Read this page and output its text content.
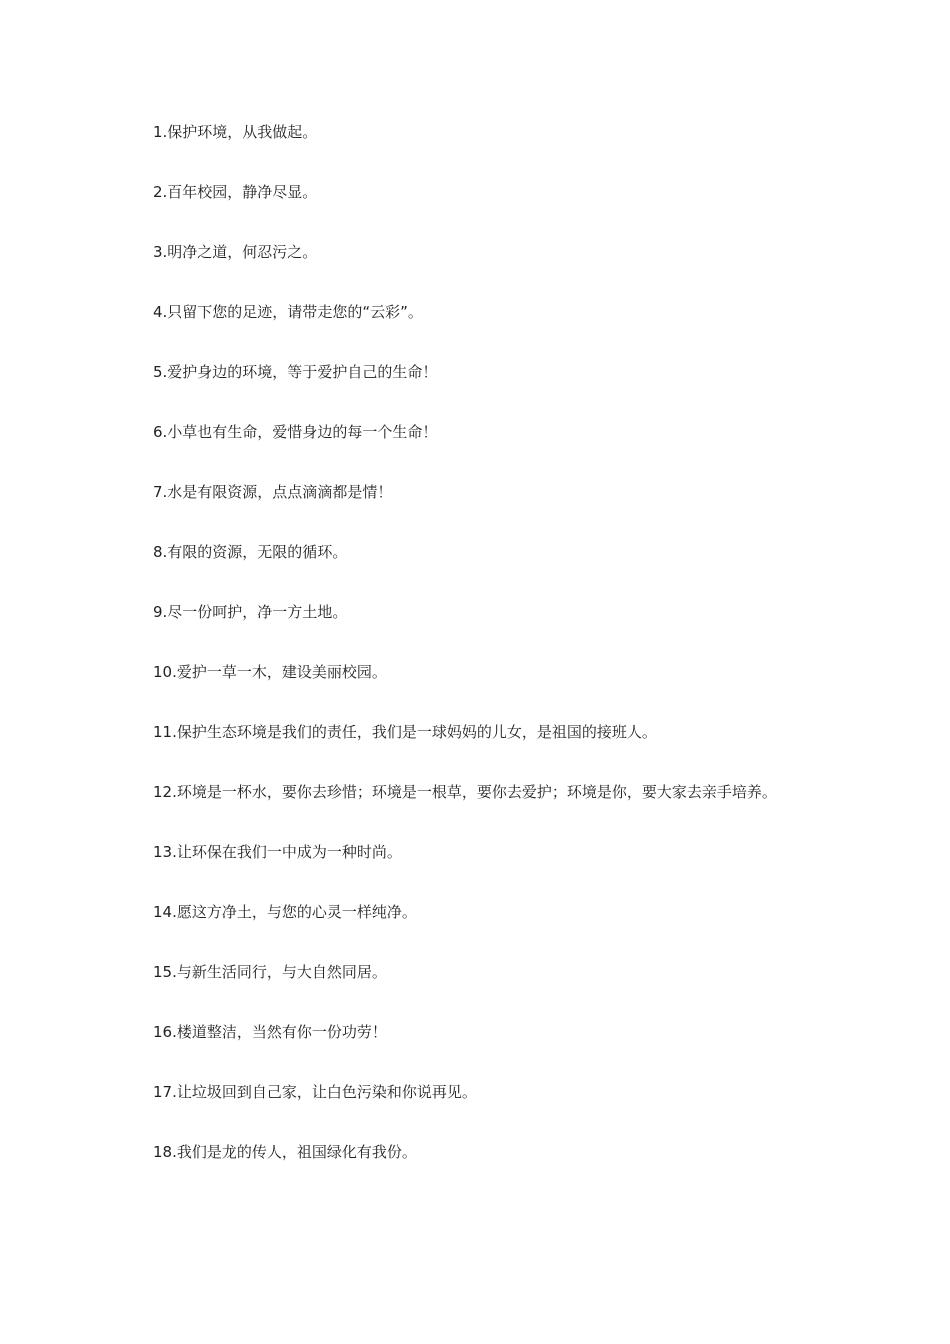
1.保护环境，从我做起。
2.百年校园，静净尽显。
3.明净之道，何忍污之。
4.只留下您的足迹，请带走您的“云彩”。
5.爱护身边的环境，等于爱护自己的生命！
6.小草也有生命，爱惜身边的每一个生命！
7.水是有限资源，点点滴滴都是情！
8.有限的资源，无限的循环。
9.尽一份呵护，净一方土地。
10.爱护一草一木，建设美丽校园。
11.保护生态环境是我们的责任，我们是一球妈妈的儿女，是祖国的接班人。
12.环境是一杯水，要你去珍惜；环境是一根草，要你去爱护；环境是你，要大家去亲手培养。
13.让环保在我们一中成为一种时尚。
14.愿这方净土，与您的心灵一样纯净。
15.与新生活同行，与大自然同居。
16.楼道整洁，当然有你一份功劳！
17.让垃圾回到自己家，让白色污染和你说再见。
18.我们是龙的传人，祖国绿化有我份。
